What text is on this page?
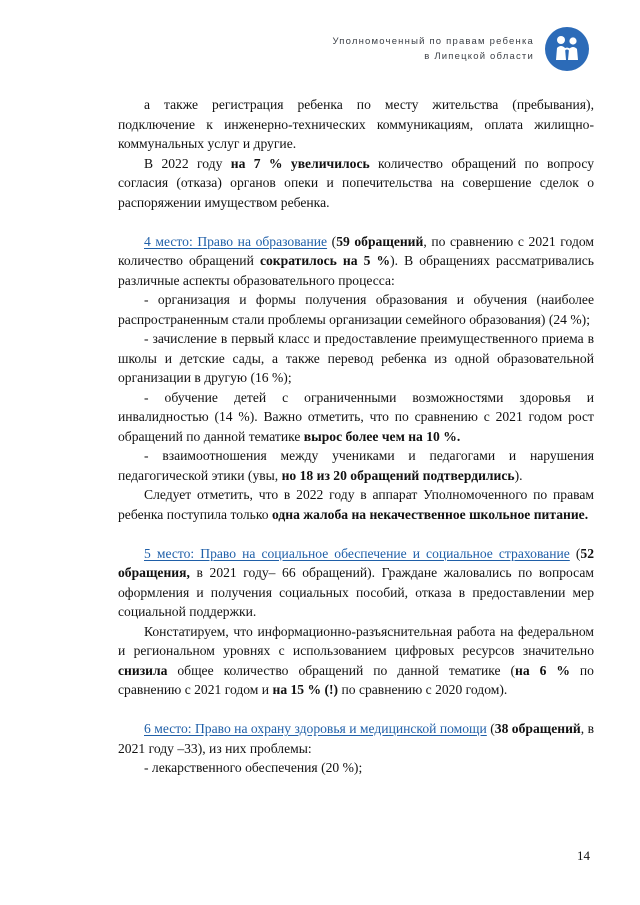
Уполномоченный по правам ребенка
в Липецкой области

а также регистрация ребенка по месту жительства (пребывания), подключение к инженерно-технических коммуникациям, оплата жилищно-коммунальных услуг и другие.

В 2022 году на 7 % увеличилось количество обращений по вопросу согласия (отказа) органов опеки и попечительства на совершение сделок о распоряжении имуществом ребенка.

4 место: Право на образование (59 обращений, по сравнению с 2021 годом количество обращений сократилось на 5 %). В обращениях рассматривались различные аспекты образовательного процесса:

- организация и формы получения образования и обучения (наиболее распространенным стали проблемы организации семейного образования) (24 %);

- зачисление в первый класс и предоставление преимущественного приема в школы и детские сады, а также перевод ребенка из одной образовательной организации в другую (16 %);

- обучение детей с ограниченными возможностями здоровья и инвалидностью (14 %). Важно отметить, что по сравнению с 2021 годом рост обращений по данной тематике вырос более чем на 10 %.

- взаимоотношения между учениками и педагогами и нарушения педагогической этики (увы, но 18 из 20 обращений подтвердились).

Следует отметить, что в 2022 году в аппарат Уполномоченного по правам ребенка поступила только одна жалоба на некачественное школьное питание.

5 место: Право на социальное обеспечение и социальное страхование (52 обращения, в 2021 году– 66 обращений). Граждане жаловались по вопросам оформления и получения социальных пособий, отказа в предоставлении мер социальной поддержки.

Констатируем, что информационно-разъяснительная работа на федеральном и региональном уровнях с использованием цифровых ресурсов значительно снизила общее количество обращений по данной тематике (на 6 % по сравнению с 2021 годом и на 15 % (!) по сравнению с 2020 годом).

6 место: Право на охрану здоровья и медицинской помощи (38 обращений, в 2021 году –33), из них проблемы:

- лекарственного обеспечения (20 %);

14
